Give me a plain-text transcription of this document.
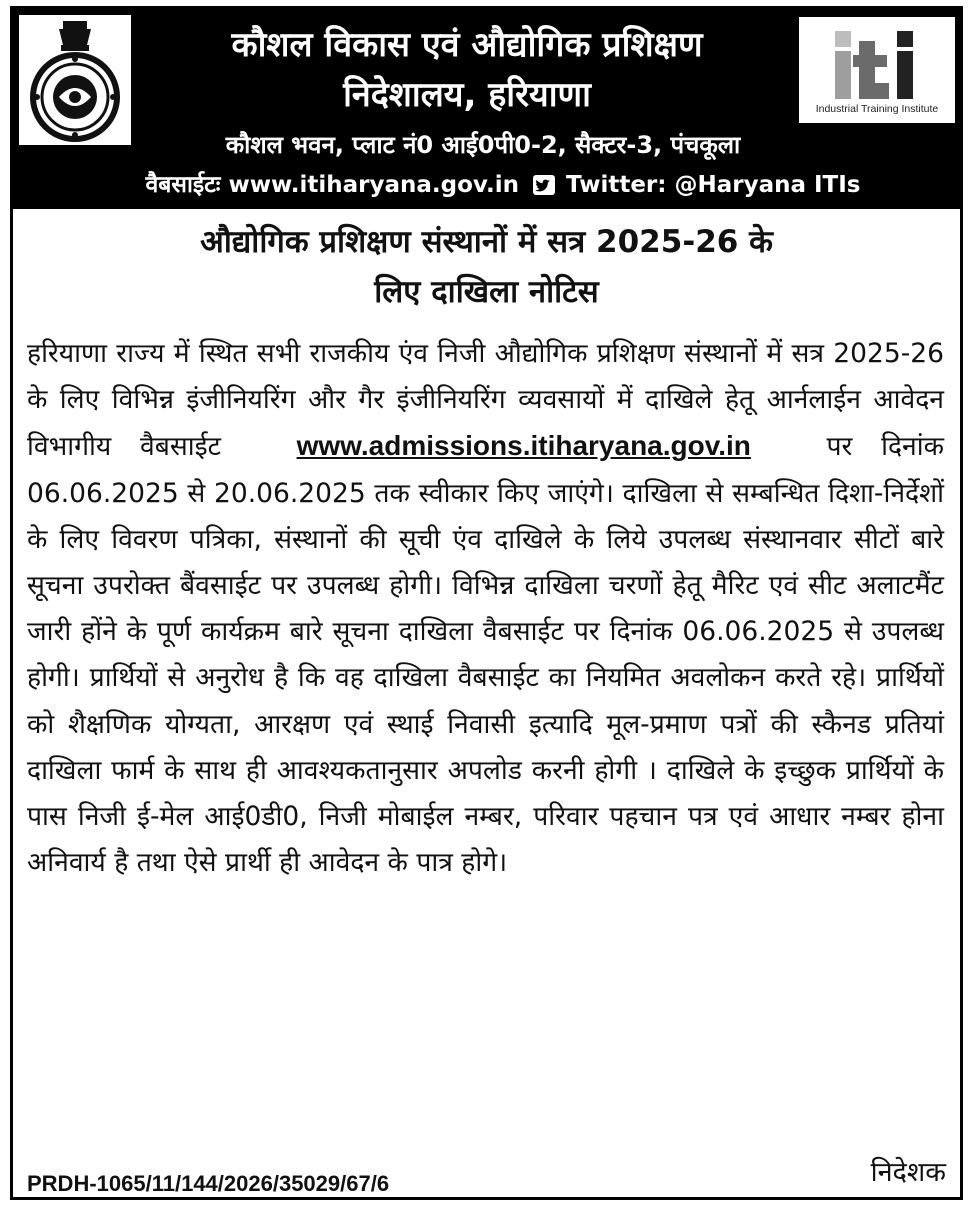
कौशल विकास एवं औद्योगिक प्रशिक्षण
निदेशालय, हरियाणा	Industrial Training Institute
कौशल भवन, प्लाट नं0 आई0पी0-2, सैक्टर-3, पंचकूला
वैबसाईटः www.itiharyana.gov.in Twitter: @Haryana ITIs
औद्योगिक प्रशिक्षण संस्थानों में सत्र 2025-26 के
लिए दाखिला नोटिस
हरियाणा राज्य में स्थित सभी राजकीय एंव निजी औद्योगिक प्रशिक्षण संस्थानों में सत्र 2025-26 के लिए विभिन्न इंजीनियरिंग और गैर इंजीनियरिंग व्यवसायों में दाखिले हेतू आर्नलाईन आवेदन विभागीय वैबसाईट	www.admissions.itiharyana.gov.in	पर दिनांक 06.06.2025 से 20.06.2025 तक स्वीकार किए जाएंगे। दाखिला से सम्बन्धित दिशा-निर्देशों के लिए विवरण पत्रिका, संस्थानों की सूची एंव दाखिले के लिये उपलब्ध संस्थानवार सीटों बारे सूचना उपरोक्त बैंवसाईट पर उपलब्ध होगी। विभिन्न दाखिला चरणों हेतू मैरिट एवं सीट अलाटमैंट जारी होंने के पूर्ण कार्यक्रम बारे सूचना दाखिला वैबसाईट पर दिनांक 06.06.2025 से उपलब्ध होगी। प्रार्थियों से अनुरोध है कि वह दाखिला वैबसाईट का नियमित अवलोकन करते रहे। प्रार्थियों को शैक्षणिक योग्यता, आरक्षण एवं स्थाई निवासी इत्यादि मूल-प्रमाण पत्रों की स्कैनड प्रतियां दाखिला फार्म के साथ ही आवश्यकतानुसार अपलोड करनी होगी । दाखिले के इच्छुक प्रार्थियों के पास निजी ई-मेल आई0डी0, निजी मोबाईल नम्बर, परिवार पहचान पत्र एवं आधार नम्बर होना अनिवार्य है तथा ऐसे प्रार्थी ही आवेदन के पात्र होगे।
PRDH-1065/11/144/2026/35029/67/6	निदेशक
